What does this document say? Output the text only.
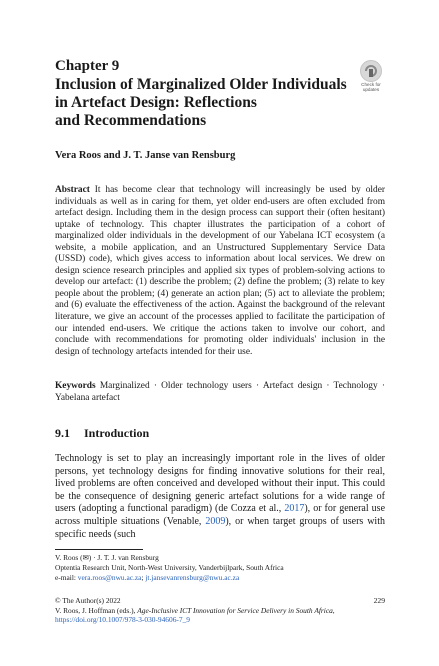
Chapter 9
Inclusion of Marginalized Older Individuals
in Artefact Design: Reflections
and Recommendations
Check for
updates
Vera Roos and J. T. Janse van Rensburg
Abstract It has become clear that technology will increasingly be used by older individuals as well as in caring for them, yet older end-users are often excluded from artefact design. Including them in the design process can support their (often hesitant) uptake of technology. This chapter illustrates the participation of a cohort of marginalized older individuals in the development of our Yabelana ICT ecosystem (a website, a mobile application, and an Unstructured Supplementary Service Data (USSD) code), which gives access to information about local services. We drew on design science research principles and applied six types of problem-solving actions to develop our artefact: (1) describe the problem; (2) define the problem; (3) relate to key people about the problem; (4) generate an action plan; (5) act to alleviate the problem; and (6) evaluate the effectiveness of the action. Against the background of the relevant literature, we give an account of the processes applied to facilitate the participation of our intended end-users. We critique the actions taken to involve our cohort, and conclude with recommendations for promoting older individuals' inclusion in the design of technology artefacts intended for their use.
Keywords Marginalized · Older technology users · Artefact design · Technology · Yabelana artefact
9.1 Introduction
Technology is set to play an increasingly important role in the lives of older persons, yet technology designs for finding innovative solutions for their real, lived problems are often conceived and developed without their input. This could be the consequence of designing generic artefact solutions for a wide range of users (adopting a functional paradigm) (de Cozza et al., 2017), or for general use across multiple situations (Venable, 2009), or when target groups of users with specific needs (such
V. Roos (✉) · J. T. J. van Rensburg
Optentia Research Unit, North-West University, Vanderbijlpark, South Africa
e-mail: vera.roos@nwu.ac.za; jt.jansevanrensburg@nwu.ac.za
© The Author(s) 2022
V. Roos, J. Hoffman (eds.), Age-Inclusive ICT Innovation for Service Delivery in South Africa, https://doi.org/10.1007/978-3-030-94606-7_9
229
